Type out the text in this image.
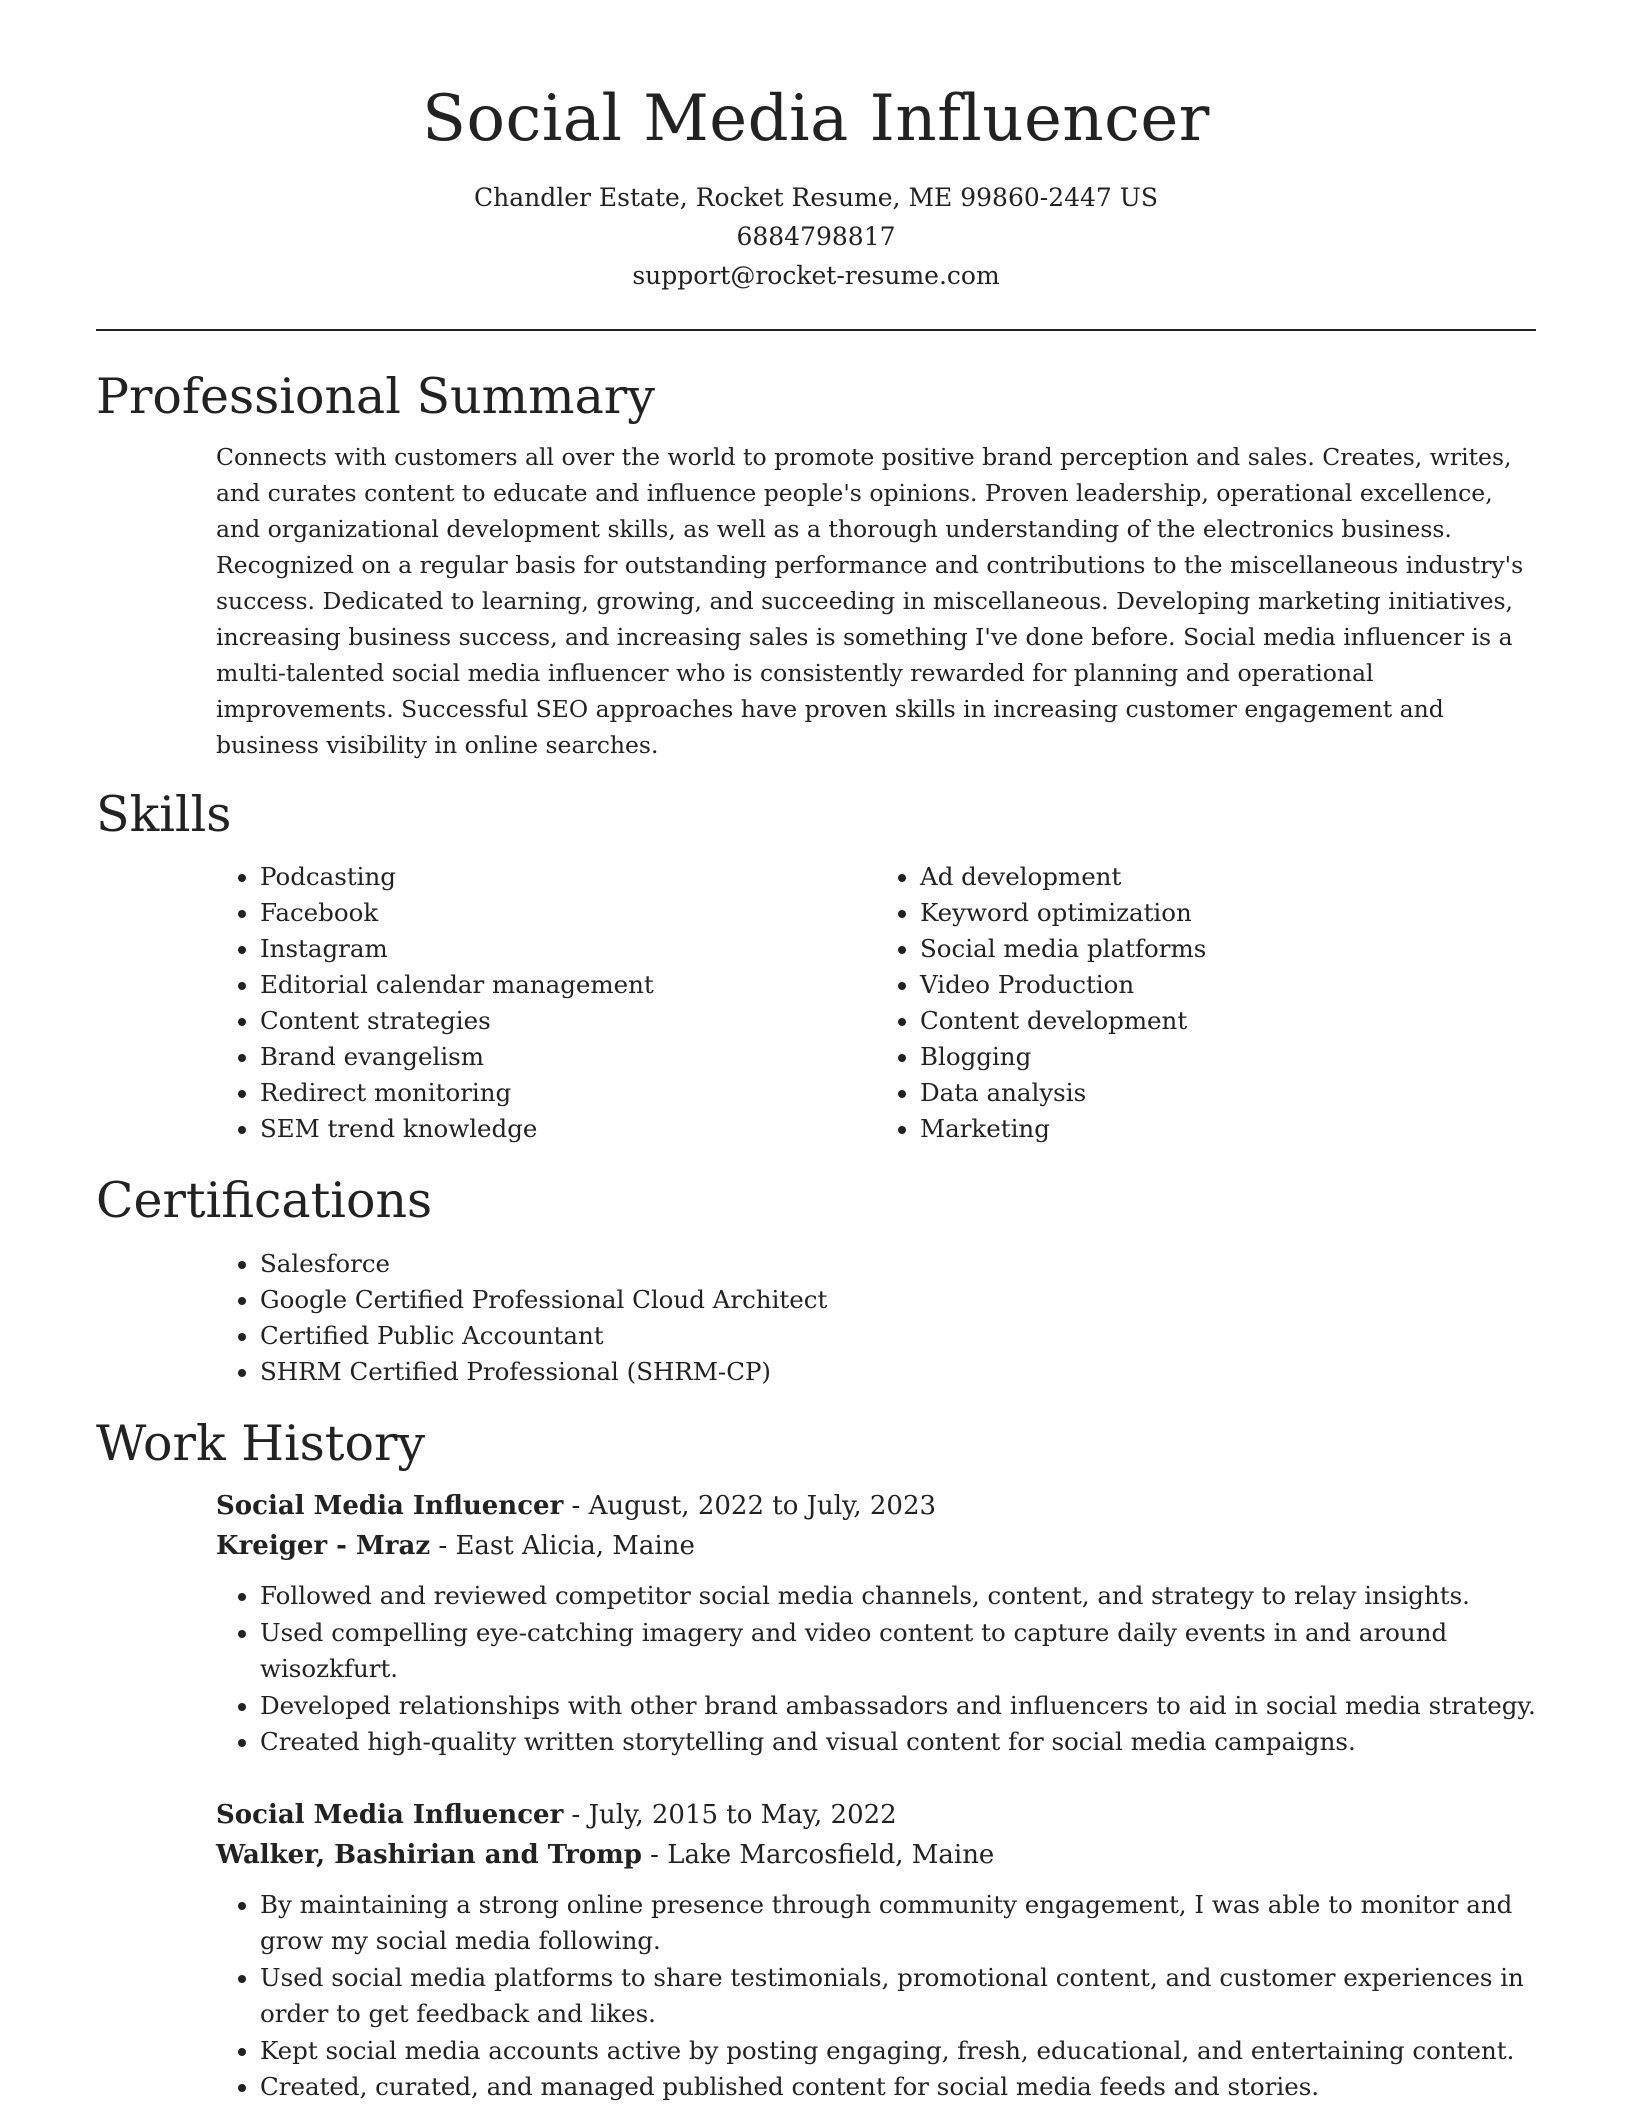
Social Media Influencer
Chandler Estate, Rocket Resume, ME 99860-2447 US
6884798817
support@rocket-resume.com
Professional Summary

Connects with customers all over the world to promote positive brand perception and sales. Creates, writes, and curates content to educate and influence people's opinions. Proven leadership, operational excellence, and organizational development skills, as well as a thorough understanding of the electronics business. Recognized on a regular basis for outstanding performance and contributions to the miscellaneous industry's success. Dedicated to learning, growing, and succeeding in miscellaneous. Developing marketing initiatives, increasing business success, and increasing sales is something I've done before. Social media influencer is a multi-talented social media influencer who is consistently rewarded for planning and operational improvements. Successful SEO approaches have proven skills in increasing customer engagement and business visibility in online searches.

Skills
• Podcasting
• Facebook
• Instagram
• Editorial calendar management
• Content strategies
• Brand evangelism
• Redirect monitoring
• SEM trend knowledge
• Ad development
• Keyword optimization
• Social media platforms
• Video Production
• Content development
• Blogging
• Data analysis
• Marketing
Certifications
• Salesforce
• Google Certified Professional Cloud Architect
• Certified Public Accountant
• SHRM Certified Professional (SHRM-CP)
Work History
Social Media Influencer - August, 2022 to July, 2023
Kreiger - Mraz - East Alicia, Maine
• Followed and reviewed competitor social media channels, content, and strategy to relay insights.
• Used compelling eye-catching imagery and video content to capture daily events in and around wisozkfurt.
• Developed relationships with other brand ambassadors and influencers to aid in social media strategy.
• Created high-quality written storytelling and visual content for social media campaigns.
Social Media Influencer - July, 2015 to May, 2022
Walker, Bashirian and Tromp - Lake Marcosfield, Maine
• By maintaining a strong online presence through community engagement, I was able to monitor and grow my social media following.
• Used social media platforms to share testimonials, promotional content, and customer experiences in order to get feedback and likes.
• Kept social media accounts active by posting engaging, fresh, educational, and entertaining content.
• Created, curated, and managed published content for social media feeds and stories.
